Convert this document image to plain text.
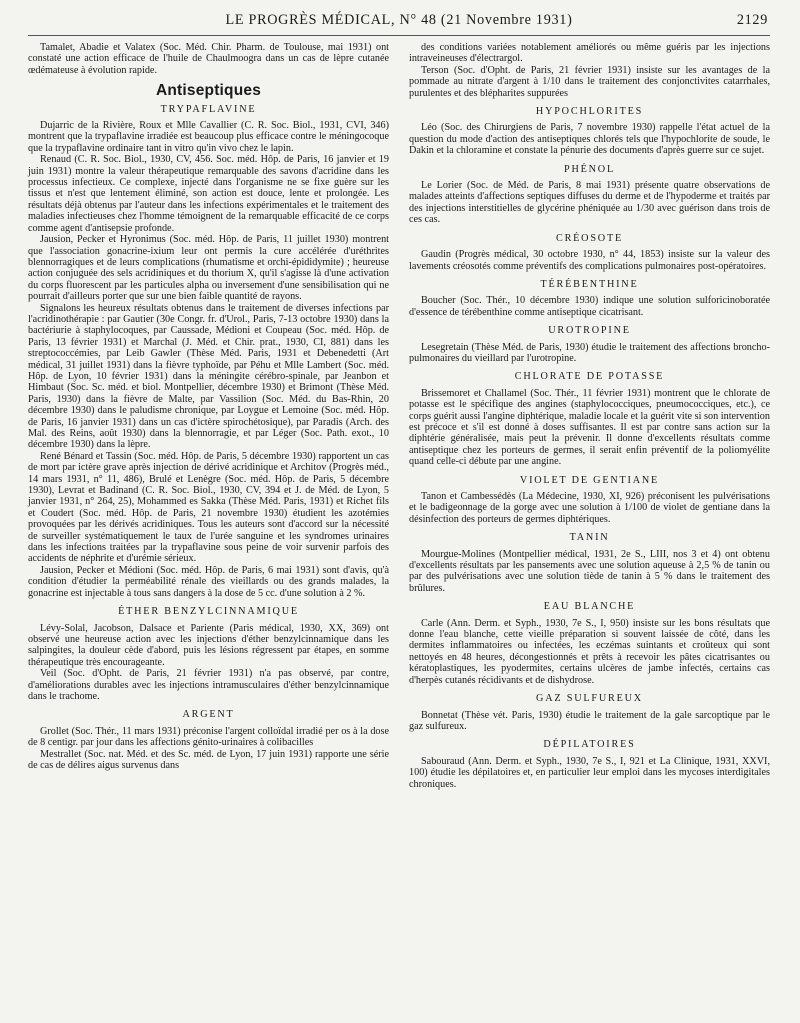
LE PROGRÈS MÉDICAL, N° 48 (21 Novembre 1931)	2129

Tamalet, Abadie et Valatex (Soc. Méd. Chir. Pharm. de Toulouse, mai 1931) ont constaté une action efficace de l'huile de Chaulmoogra dans un cas de lèpre cutanée œdémateuse à évolution rapide.

Antiseptiques
TRYPAFLAVINE

Dujarric de la Rivière, Roux et Mlle Cavallier (C. R. Soc. Biol., 1931, CVI, 346) montrent que la trypaflavine irradiée est beaucoup plus efficace contre le méningocoque que la trypaflavine ordinaire tant in vitro qu'in vivo chez le lapin.

Renaud (C. R. Soc. Biol., 1930, CV, 456. Soc. méd. Hôp. de Paris, 16 janvier et 19 juin 1931) montre la valeur thérapeutique remarquable des savons d'acridine dans les processus infectieux. Ce complexe, injecté dans l'organisme ne se fixe guère sur les tissus et n'est que lentement éliminé, son action est douce, lente et prolongée. Les résultats déjà obtenus par l'auteur dans les infections expérimentales et le traitement des maladies infectieuses chez l'homme témoignent de la remarquable efficacité de ce corps comme agent d'antisepsie profonde.

Jausion, Pecker et Hyronimus (Soc. méd. Hôp. de Paris, 11 juillet 1930) montrent que l'association gonacrine-ixium leur ont permis la cure accélérée d'uréthrites blennorragiques et de leurs complications (rhumatisme et orchi-épididymite) ; heureuse action conjuguée des sels acridiniques et du thorium X, qu'il s'agisse là d'une activation du corps fluorescent par les particules alpha ou inversement d'une sensibilisation qui ne pourrait d'ailleurs porter que sur une bien faible quantité de rayons.

Signalons les heureux résultats obtenus dans le traitement de diverses infections par l'acridinothérapie : par Gautier (30e Congr. fr. d'Urol., Paris, 7-13 octobre 1930) dans la bactériurie à staphylocoques, par Caussade, Médioni et Coupeau (Soc. méd. Hôp. de Paris, 13 février 1931) et Marchal (J. Méd. et Chir. prat., 1930, CI, 881) dans les streptococcémies, par Leib Gawler (Thèse Méd. Paris, 1931 et Debenedetti (Art médical, 31 juillet 1931) dans la fièvre typhoïde, par Péhu et Mlle Lambert (Soc. méd. Hôp. de Lyon, 10 février 1931) dans la méningite cérébro-spinale, par Jeanbon et Himbaut (Soc. Sc. méd. et biol. Montpellier, décembre 1930) et Brimont (Thèse Méd. Paris, 1930) dans la fièvre de Malte, par Vassilion (Soc. Méd. du Bas-Rhin, 20 décembre 1930) dans le paludisme chronique, par Loygue et Lemoine (Soc. méd. Hôp. de Paris, 16 janvier 1931) dans un cas d'ictère spirochétosique), par Paradis (Arch. des Mal. des Reins, août 1930) dans la blennorragie, et par Léger (Soc. Path. exot., 10 décembre 1930) dans la lèpre.

René Bénard et Tassin (Soc. méd. Hôp. de Paris, 5 décembre 1930) rapportent un cas de mort par ictère grave après injection de dérivé acridinique et Architov (Progrès méd., 14 mars 1931, n° 11, 486), Brulé et Lenègre (Soc. méd. Hôp. de Paris, 5 décembre 1930), Levrat et Badinand (C. R. Soc. Biol., 1930, CV, 394 et J. de Méd. de Lyon, 5 janvier 1931, n° 264, 25), Mohammed es Sakka (Thèse Méd. Paris, 1931) et Richet fils et Coudert (Soc. méd. Hôp. de Paris, 21 novembre 1930) étudient les azotémies provoquées par les dérivés acridiniques. Tous les auteurs sont d'accord sur la nécessité de surveiller systématiquement le taux de l'urée sanguine et les syndromes urinaires dans les infections traitées par la trypaflavine sous peine de voir survenir parfois des accidents de néphrite et d'urémie sérieux.

Jausion, Pecker et Médioni (Soc. méd. Hôp. de Paris, 6 mai 1931) sont d'avis, qu'à condition d'étudier la perméabilité rénale des vieillards ou des grands malades, la gonacrine est injectable à tous sans dangers à la dose de 5 cc. d'une solution à 2 %.

ÉTHER BENZYLCINNAMIQUE

Lévy-Solal, Jacobson, Dalsace et Pariente (Paris médical, 1930, XX, 369) ont observé une heureuse action avec les injections d'éther benzylcinnamique dans les salpingites, la douleur cède d'abord, puis les lésions régressent par étapes, en somme thérapeutique très encourageante.

Veil (Soc. d'Opht. de Paris, 21 février 1931) n'a pas observé, par contre, d'améliorations durables avec les injections intramusculaires d'éther benzylcinnamique dans le trachome.

ARGENT

Grollet (Soc. Thér., 11 mars 1931) préconise l'argent colloïdal irradié per os à la dose de 8 centigr. par jour dans les affections génito-urinaires à colibacilles

Mestrallet (Soc. nat. Méd. et des Sc. méd. de Lyon, 17 juin 1931) rapporte une série de cas de délires aigus survenus dans

des conditions variées notablement améliorés ou même guéris par les injections intraveineuses d'électrargol.

Terson (Soc. d'Opht. de Paris, 21 février 1931) insiste sur les avantages de la pommade au nitrate d'argent à 1/10 dans le traitement des conjonctivites catarrhales, purulentes et des blépharites suppurées

HYPOCHLORITES

Léo (Soc. des Chirurgiens de Paris, 7 novembre 1930) rappelle l'état actuel de la question du mode d'action des antiseptiques chlorés tels que l'hypochlorite de soude, le Dakin et la chloramine et constate la pénurie des documents d'après guerre sur ce sujet.

PHÉNOL

Le Lorier (Soc. de Méd. de Paris, 8 mai 1931) présente quatre observations de malades atteints d'affections septiques diffuses du derme et de l'hypoderme et traités par des injections interstitielles de glycérine phéniquée au 1/30 avec guérison dans trois de ces cas.

CRÉOSOTE

Gaudin (Progrès médical, 30 octobre 1930, n° 44, 1853) insiste sur la valeur des lavements créosotés comme préventifs des complications pulmonaires post-opératoires.

TÉRÉBENTHINE

Boucher (Soc. Thér., 10 décembre 1930) indique une solution sulforicinoboratée d'essence de térébenthine comme antiseptique cicatrisant.

UROTROPINE

Lesegretain (Thèse Méd. de Paris, 1930) étudie le traitement des affections broncho-pulmonaires du vieillard par l'urotropine.

CHLORATE DE POTASSE

Brissemoret et Challamel (Soc. Thér., 11 février 1931) montrent que le chlorate de potasse est le spécifique des angines (staphylococciques, pneumococciques, etc.), ce corps guérit aussi l'angine diphtérique, maladie locale et la guérit vite si son intervention est précoce et s'il est donné à doses suffisantes. Il est par contre sans action sur la diphtérie généralisée, mais peut la prévenir. Il donne d'excellents résultats comme antiseptique chez les porteurs de germes, il serait enfin préventif de la poliomyélite quand celle-ci débute par une angine.

VIOLET DE GENTIANE

Tanon et Cambessédès (La Médecine, 1930, XI, 926) préconisent les pulvérisations et le badigeonnage de la gorge avec une solution à 1/100 de violet de gentiane dans la désinfection des porteurs de germes diphtériques.

TANIN

Mourgue-Molines (Montpellier médical, 1931, 2e S., LIII, nos 3 et 4) ont obtenu d'excellents résultats par les pansements avec une solution aqueuse à 2,5 % de tanin ou par des pulvérisations avec une solution tiède de tanin à 5 % dans le traitement des brûlures.

EAU BLANCHE

Carle (Ann. Derm. et Syph., 1930, 7e S., I, 950) insiste sur les bons résultats que donne l'eau blanche, cette vieille préparation si souvent laissée de côté, dans les dermites inflammatoires ou infectées, les eczémas suintants et croûteux qui sont nettoyés en 48 heures, décongestionnés et prêts à recevoir les pâtes cicatrisantes ou kératoplastiques, les pyodermites, certains ulcères de jambe infectés, certains cas d'herpès cutanés récidivants et de dishydrose.

GAZ SULFUREUX

Bonnetat (Thèse vét. Paris, 1930) étudie le traitement de la gale sarcoptique par le gaz sulfureux.

DÉPILATOIRES

Sabouraud (Ann. Derm. et Syph., 1930, 7e S., I, 921 et La Clinique, 1931, XXVI, 100) étudie les dépilatoires et, en particulier leur emploi dans les mycoses interdigitales chroniques.
